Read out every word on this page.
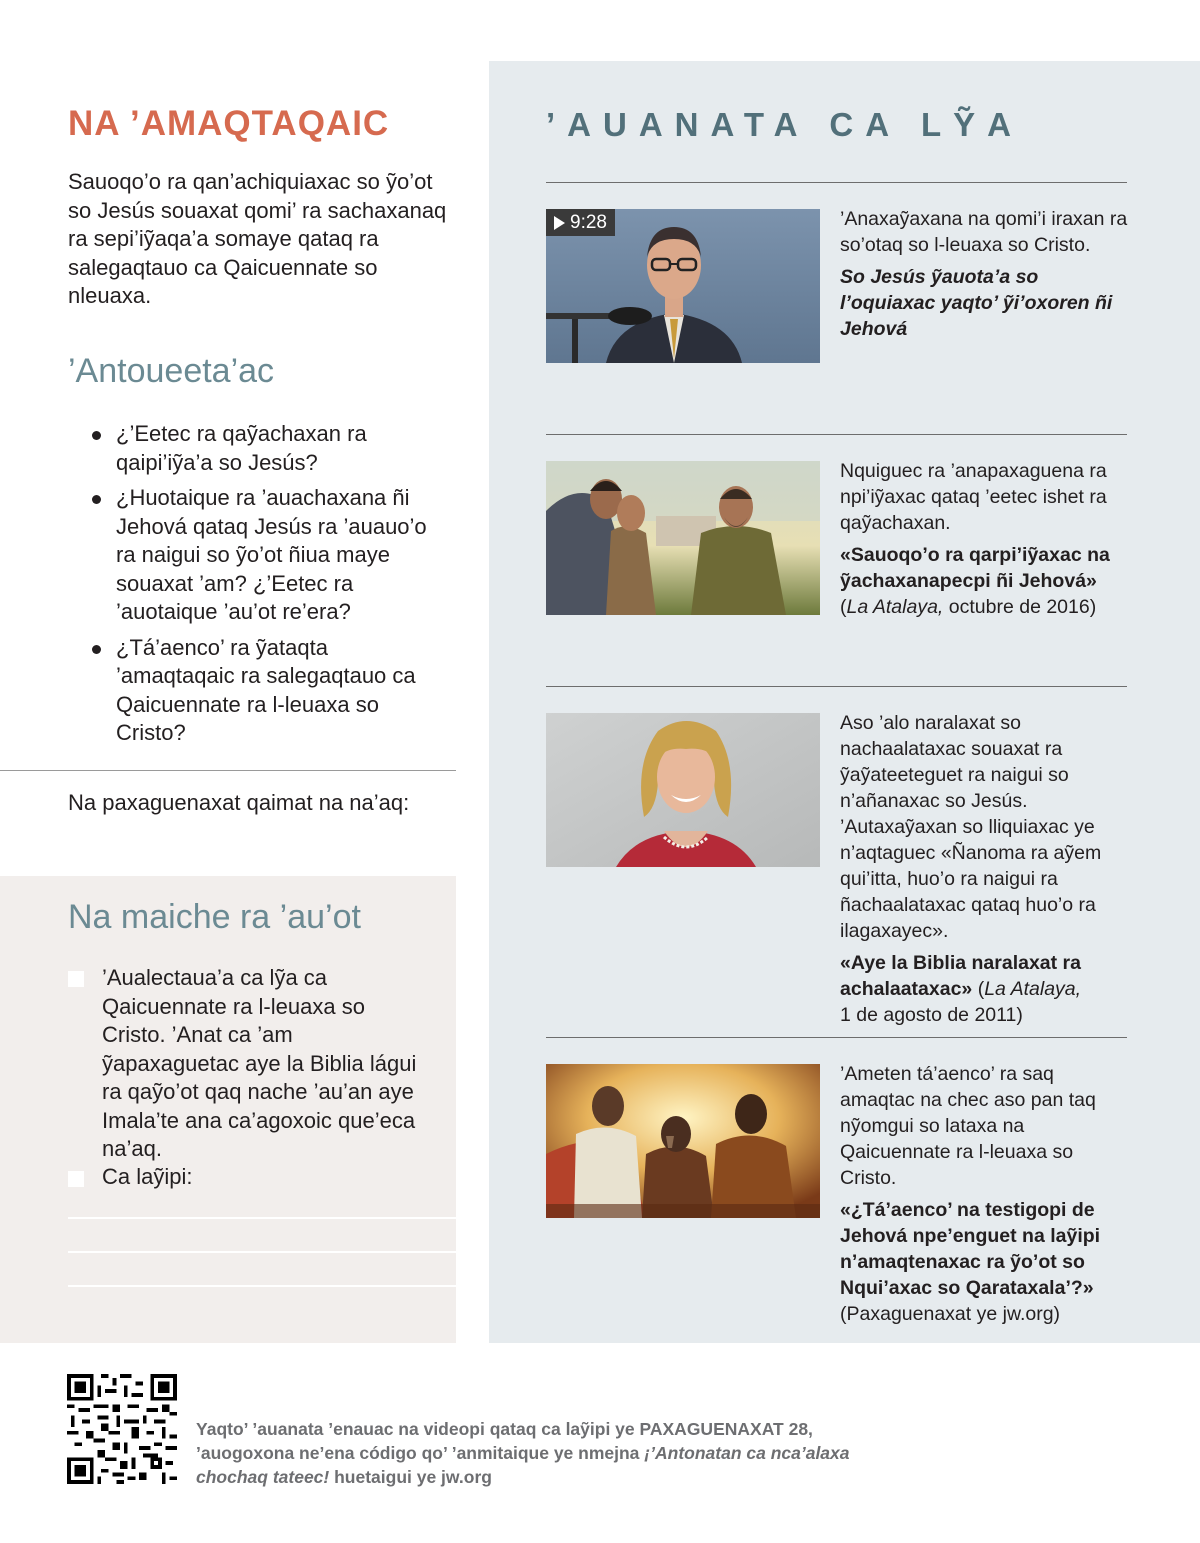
NA ’AMAQTAQAIC

Sauoqo’o ra qan’achiquiaxac so ỹo’ot so Jesús souaxat qomi’ ra sachaxanaq ra sepi’iỹaqa’a somaye qataq ra salegaqtauo ca Qaicuennate so nleuaxa.

’Antoueeta’ac
¿’Eetec ra qaỹachaxan ra qaipi’iỹa’a so Jesús?
¿Huotaique ra ’auachaxana ñi Jehová qataq Jesús ra ’auauo’o ra naigui so ỹo’ot ñiua maye souaxat ’am? ¿’Eetec ra ’auotaique ’au’ot re’era?
¿Tá’aenco’ ra ỹataqta ’amaqtaqaic ra salegaqtauo ca Qaicuennate ra l-leuaxa so Cristo?
Na paxaguenaxat qaimat na na’aq:
Na maiche ra ’au’ot
’Aualectaua’a ca lỹa ca Qaicuennate ra l-leuaxa so Cristo. ’Anat ca ’am ỹapaxaguetac aye la Biblia lágui ra qaỹo’ot qaq nache ’au’an aye Imala’te ana ca’agoxoic que’eca na’aq.
Ca laỹipi:
’AUANATA CA LỸA
9:28	’Anaxaỹaxana na qomi’i iraxan ra so’otaq so l-leuaxa so Cristo.

So Jesús ỹauota’a so l’oquiaxac yaqto’ ỹi’oxoren ñi Jehová

Nquiguec ra ’anapaxaguena ra npi’iỹaxac qataq ’eetec ishet ra qaỹachaxan.

«Sauoqo’o ra qarpi’iỹaxac na ỹachaxanapecpi ñi Jehová»
(La Atalaya, octubre de 2016)

Aso ’alo naralaxat so nachaalataxac souaxat ra ỹaỹateeteguet ra naigui so n’añanaxac so Jesús. ’Autaxaỹaxan so lliquiaxac ye n’aqtaguec «Ñanoma ra aỹem qui’itta, huo’o ra naigui ra ñachaalataxac qataq huo’o ra ilagaxayec».

«Aye la Biblia naralaxat ra achalaataxac» (La Atalaya,
1 de agosto de 2011)

’Ameten tá’aenco’ ra saq amaqtac na chec aso pan taq nỹomgui so lataxa na Qaicuennate ra l-leuaxa so Cristo.

«¿Tá’aenco’ na testigopi de Jehová npe’enguet na laỹipi n’amaqtenaxac ra ỹo’ot so Nqui’axac so Qarataxala’?»
(Paxaguenaxat ye jw.org)

Yaqto’ ’auanata ’enauac na videopi qataq ca laỹipi ye PAXAGUENAXAT 28,
’auogoxona ne’ena código qo’ ’anmitaique ye nmejna ¡’Antonatan ca nca’alaxa chochaq tateec! huetaigui ye jw.org
